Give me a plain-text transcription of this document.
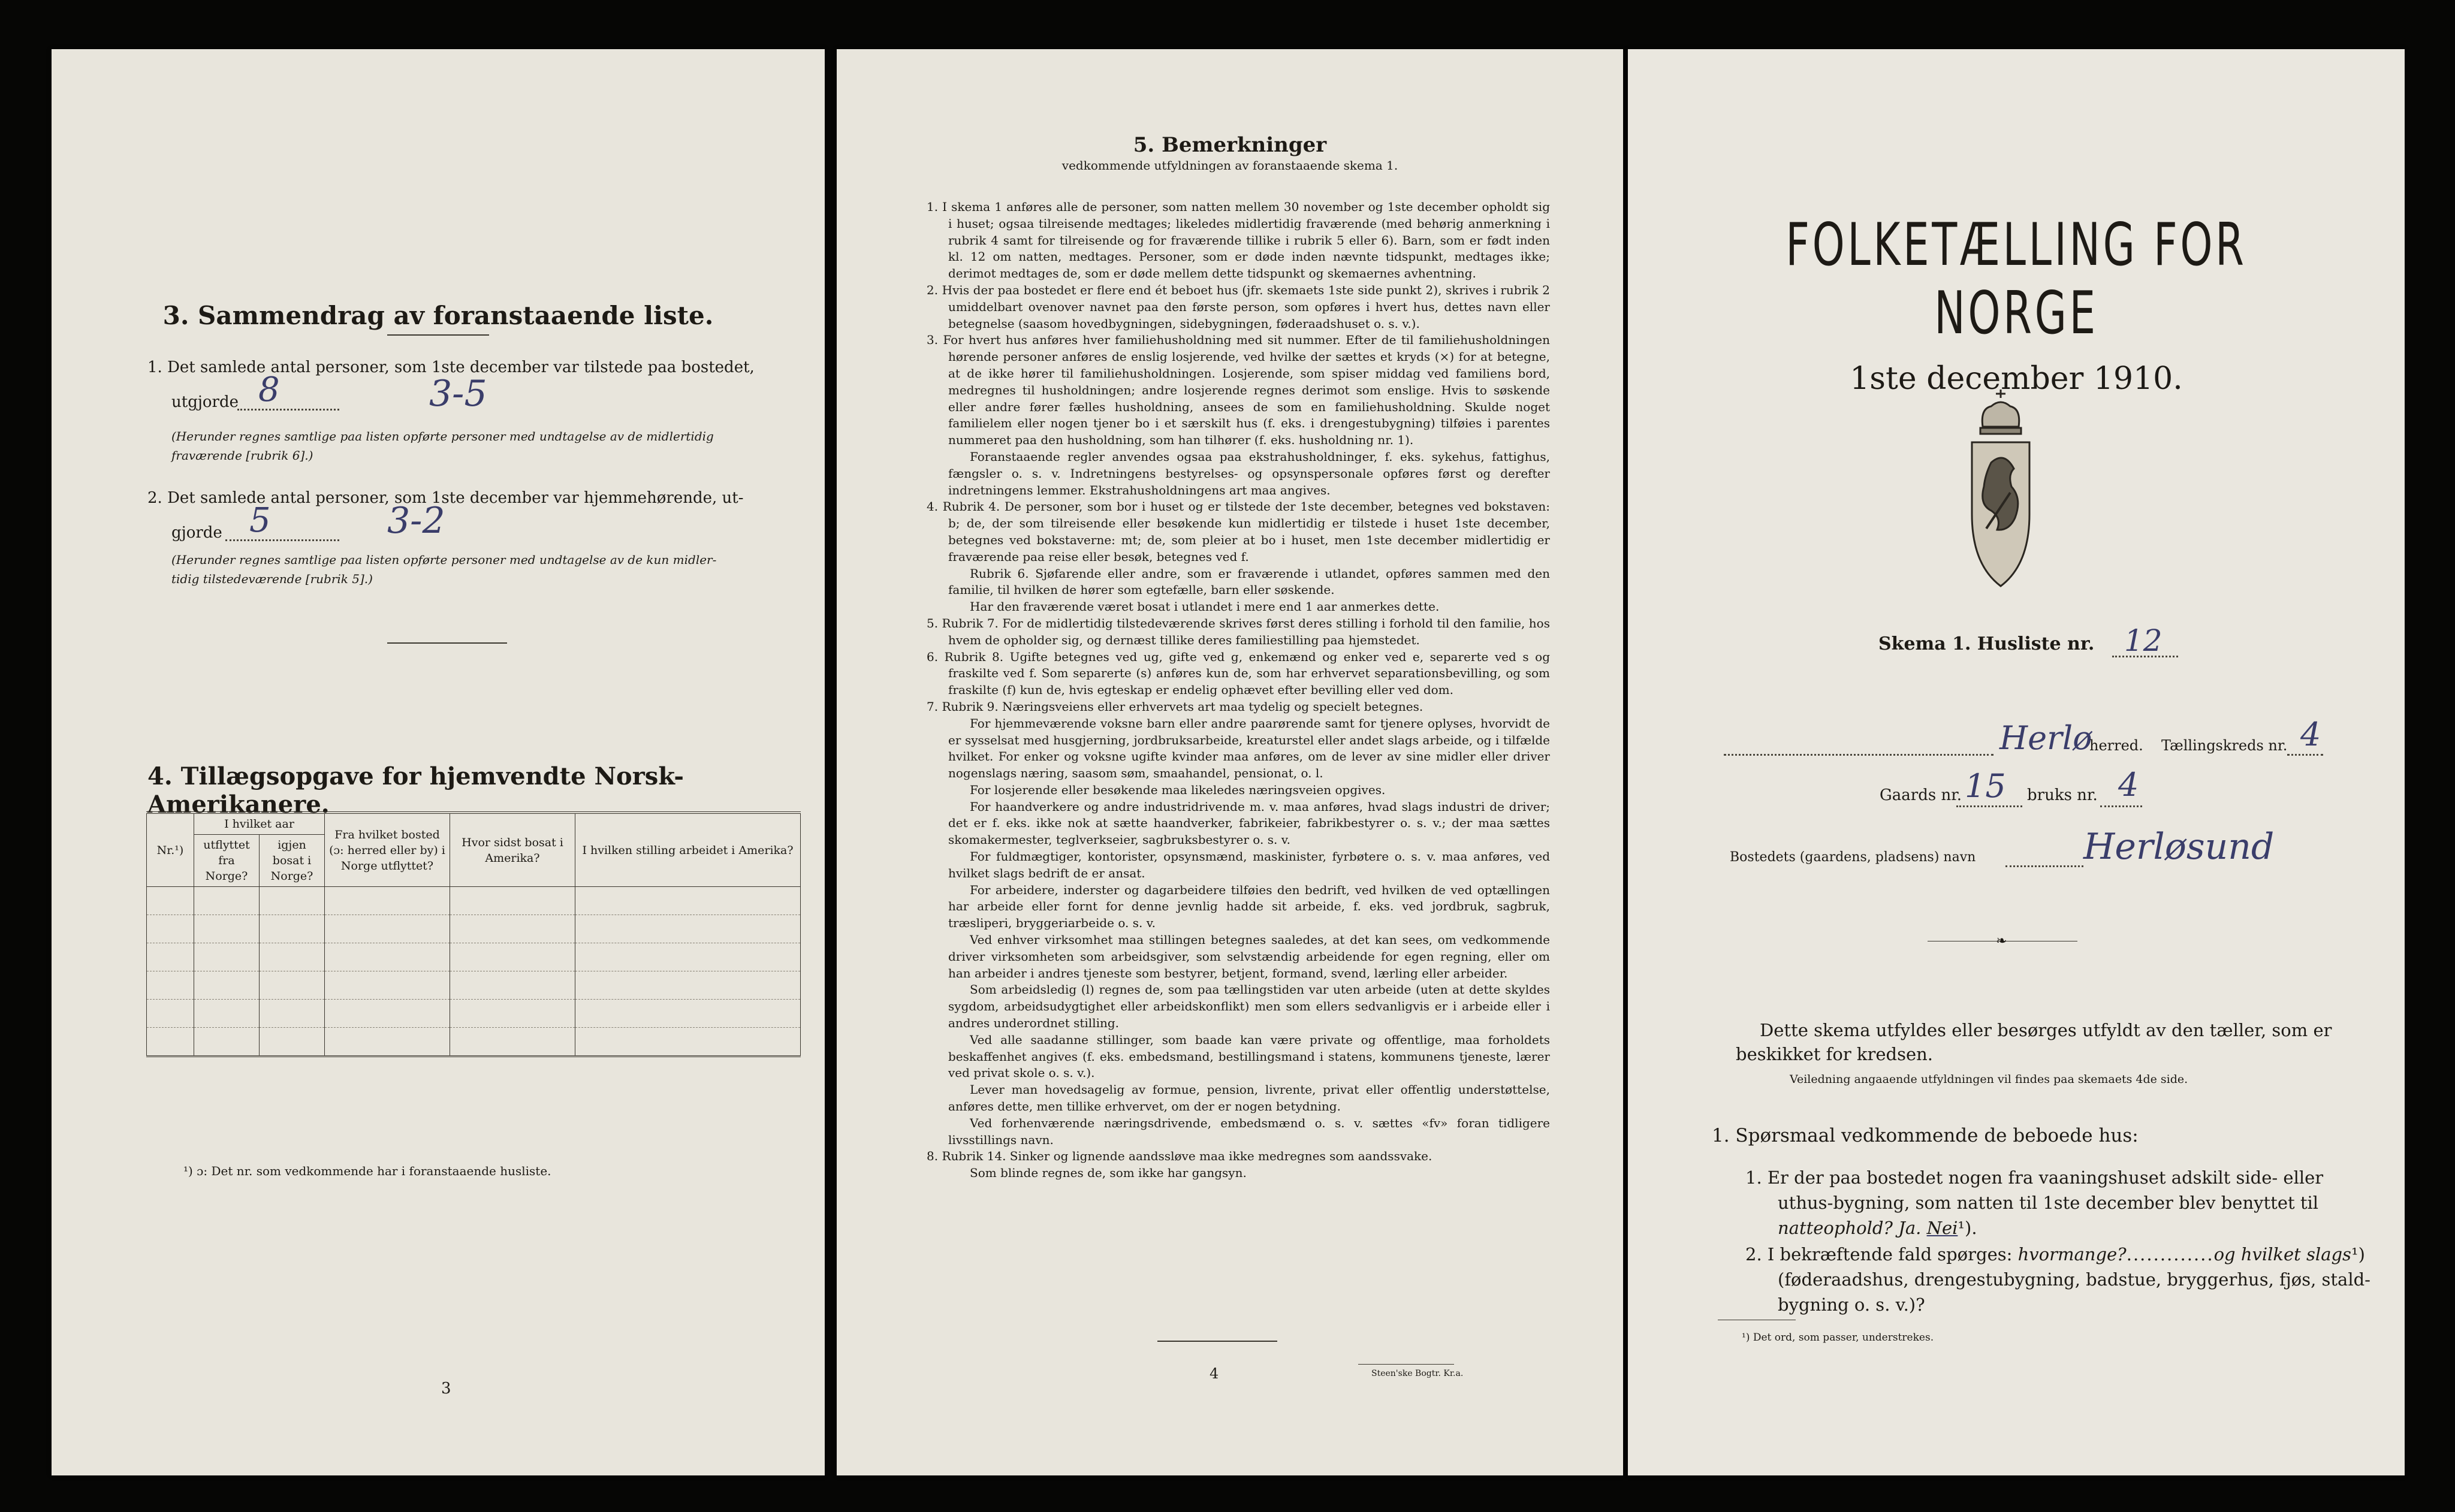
3. Sammendrag av foranstaaende liste.
1. Det samlede antal personer, som 1ste december var tilstede paa bostedet,
utgjorde 8	3-5
(Herunder regnes samtlige paa listen opførte personer med undtagelse av de midlertidig
fraværende [rubrik 6].)
2. Det samlede antal personer, som 1ste december var hjemmehørende, ut-
gjorde 5	3-2
(Herunder regnes samtlige paa listen opførte personer med undtagelse av de kun midler-
tidig tilstedeværende [rubrik 5].)
4. Tillægsopgave for hjemvendte Norsk-Amerikanere.
Nr.¹)	I hvilket aar		Fra hvilket bosted (ɔ: herred eller by) i Norge utflyttet?	Hvor sidst bosat i Amerika?	I hvilken stilling arbeidet i Amerika?
	utflyttet fra Norge?	igjen bosat i Norge?			

¹) ɔ: Det nr. som vedkommende har i foranstaaende husliste.
3
5. Bemerkninger
vedkommende utfyldningen av foranstaaende skema 1.

1. I skema 1 anføres alle de personer, som natten mellem 30 november og 1ste december opholdt sig i huset; ogsaa tilreisende medtages; likeledes midlertidig fraværende (med behørig anmerkning i rubrik 4 samt for tilreisende og for fraværende tillike i rubrik 5 eller 6). Barn, som er født inden kl. 12 om natten, medtages. Personer, som er døde inden nævnte tidspunkt, medtages ikke; derimot medtages de, som er døde mellem dette tidspunkt og skemaernes avhentning.

2. Hvis der paa bostedet er flere end ét beboet hus (jfr. skemaets 1ste side punkt 2), skrives i rubrik 2 umiddelbart ovenover navnet paa den første person, som opføres i hvert hus, dettes navn eller betegnelse (saasom hovedbygningen, sidebygningen, føderaadshuset o. s. v.).

3. For hvert hus anføres hver familiehusholdning med sit nummer. Efter de til familiehusholdningen hørende personer anføres de enslig losjerende, ved hvilke der sættes et kryds (×) for at betegne, at de ikke hører til familiehusholdningen. Losjerende, som spiser middag ved familiens bord, medregnes til husholdningen; andre losjerende regnes derimot som enslige. Hvis to søskende eller andre fører fælles husholdning, ansees de som en familiehusholdning. Skulde noget familielem eller nogen tjener bo i et særskilt hus (f. eks. i drengestubygning) tilføies i parentes nummeret paa den husholdning, som han tilhører (f. eks. husholdning nr. 1).

Foranstaaende regler anvendes ogsaa paa ekstrahusholdninger, f. eks. sykehus, fattighus, fængsler o. s. v. Indretningens bestyrelses- og opsynspersonale opføres først og derefter indretningens lemmer. Ekstrahusholdningens art maa angives.

4. Rubrik 4. De personer, som bor i huset og er tilstede der 1ste december, betegnes ved bokstaven: b; de, der som tilreisende eller besøkende kun midlertidig er tilstede i huset 1ste december, betegnes ved bokstaverne: mt; de, som pleier at bo i huset, men 1ste december midlertidig er fraværende paa reise eller besøk, betegnes ved f.

Rubrik 6. Sjøfarende eller andre, som er fraværende i utlandet, opføres sammen med den familie, til hvilken de hører som egtefælle, barn eller søskende.

Har den fraværende været bosat i utlandet i mere end 1 aar anmerkes dette.

5. Rubrik 7. For de midlertidig tilstedeværende skrives først deres stilling i forhold til den familie, hos hvem de opholder sig, og dernæst tillike deres familiestilling paa hjemstedet.

6. Rubrik 8. Ugifte betegnes ved ug, gifte ved g, enkemænd og enker ved e, separerte ved s og fraskilte ved f. Som separerte (s) anføres kun de, som har erhvervet separationsbevilling, og som fraskilte (f) kun de, hvis egteskap er endelig ophævet efter bevilling eller ved dom.

7. Rubrik 9. Næringsveiens eller erhvervets art maa tydelig og specielt betegnes.

For hjemmeværende voksne barn eller andre paarørende samt for tjenere oplyses, hvorvidt de er sysselsat med husgjerning, jordbruksarbeide, kreaturstel eller andet slags arbeide, og i tilfælde hvilket. For enker og voksne ugifte kvinder maa anføres, om de lever av sine midler eller driver nogenslags næring, saasom søm, smaahandel, pensionat, o. l.

For losjerende eller besøkende maa likeledes næringsveien opgives.

For haandverkere og andre industridrivende m. v. maa anføres, hvad slags industri de driver; det er f. eks. ikke nok at sætte haandverker, fabrikeier, fabrikbestyrer o. s. v.; der maa sættes skomakermester, teglverkseier, sagbruksbestyrer o. s. v.

For fuldmægtiger, kontorister, opsynsmænd, maskinister, fyrbøtere o. s. v. maa anføres, ved hvilket slags bedrift de er ansat.

For arbeidere, inderster og dagarbeidere tilføies den bedrift, ved hvilken de ved optællingen har arbeide eller fornt for denne jevnlig hadde sit arbeide, f. eks. ved jordbruk, sagbruk, træsliperi, bryggeriarbeide o. s. v.

Ved enhver virksomhet maa stillingen betegnes saaledes, at det kan sees, om vedkommende driver virksomheten som arbeidsgiver, som selvstændig arbeidende for egen regning, eller om han arbeider i andres tjeneste som bestyrer, betjent, formand, svend, lærling eller arbeider.

Som arbeidsledig (l) regnes de, som paa tællingstiden var uten arbeide (uten at dette skyldes sygdom, arbeidsudygtighet eller arbeidskonflikt) men som ellers sedvanligvis er i arbeide eller i andres underordnet stilling.

Ved alle saadanne stillinger, som baade kan være private og offentlige, maa forholdets beskaffenhet angives (f. eks. embedsmand, bestillingsmand i statens, kommunens tjeneste, lærer ved privat skole o. s. v.).

Lever man hovedsagelig av formue, pension, livrente, privat eller offentlig understøttelse, anføres dette, men tillike erhvervet, om der er nogen betydning.

Ved forhenværende næringsdrivende, embedsmænd o. s. v. sættes «fv» foran tidligere livsstillings navn.

8. Rubrik 14. Sinker og lignende aandssløve maa ikke medregnes som aandssvake.

Som blinde regnes de, som ikke har gangsyn.

4	Steen'ske Bogtr. Kr.a.
FOLKETÆLLING FOR NORGE
1ste december 1910.
Skema 1. Husliste nr. 12
Herlø
herred. Tællingskreds nr. 4
Gaards nr. 15 bruks nr. 4
Bostedets (gaardens, pladsens) navn	Herløsund
❧
Dette skema utfyldes eller besørges utfyldt av den tæller, som er
beskikket for kredsen.
Veiledning angaaende utfyldningen vil findes paa skemaets 4de side.
1. Spørsmaal vedkommende de beboede hus:
1. Er der paa bostedet nogen fra vaaningshuset adskilt side- eller
uthus-bygning, som natten til 1ste december blev benyttet til
natteophold? Ja. Nei¹).
2. I bekræftende fald spørges: hvormange?.............og hvilket slags¹)
(føderaadshus, drengestubygning, badstue, bryggerhus, fjøs, stald-
bygning o. s. v.)?
¹) Det ord, som passer, understrekes.
